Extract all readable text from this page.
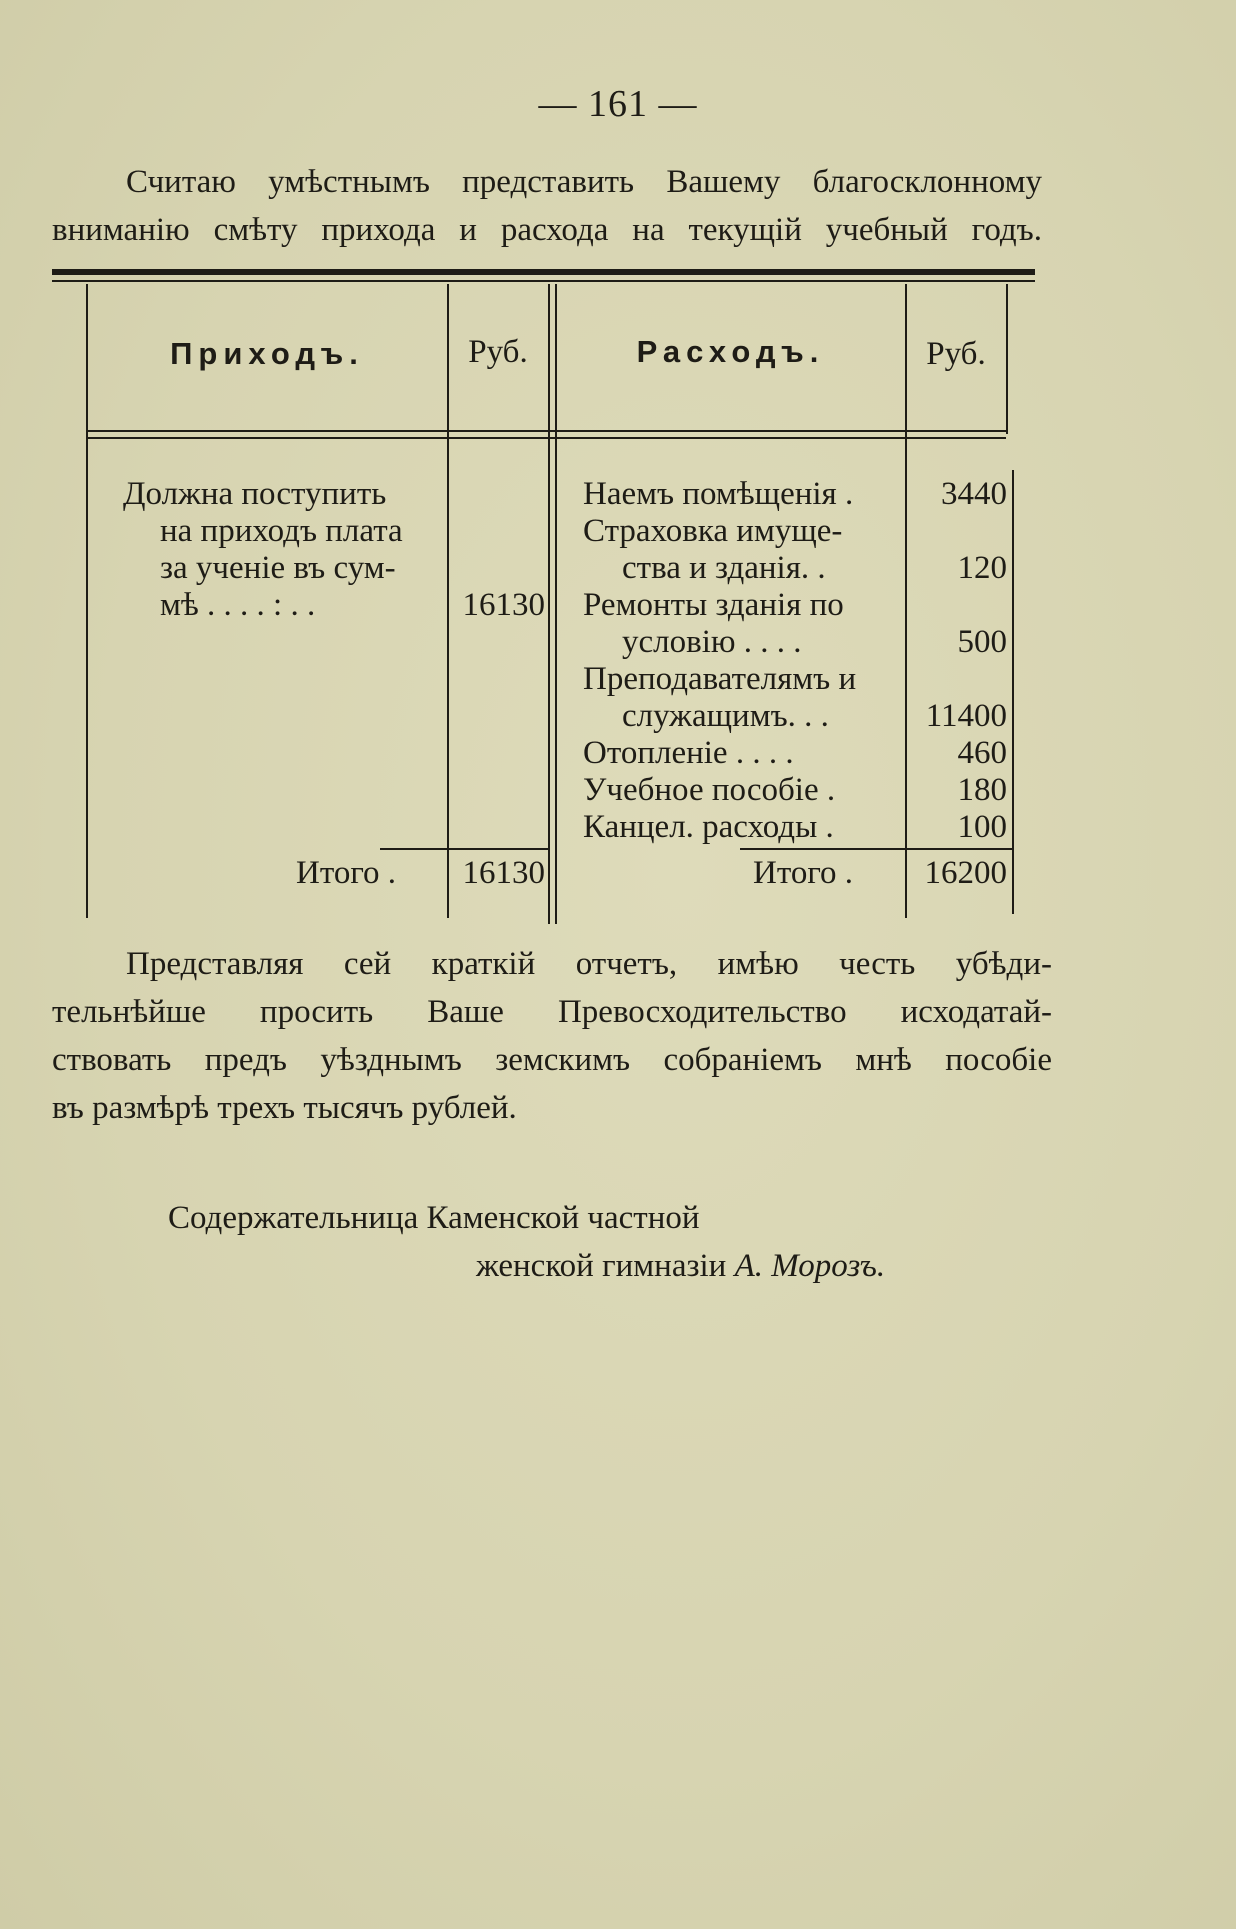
— 161 —
Считаю умѣстнымъ представить Вашему благосклонному
вниманію смѣту прихода и расхода на текущій учебный годъ.
Приходъ.	Руб.	Расходъ.	Руб.
Должна поступить
на приходъ плата
за ученіе въ сум-
мѣ . . . . : . .	16130
Итого .	16130
Наемъ помѣщенія .	3440
Страховка имуще-
ства и зданія. .	120
Ремонты зданія по
условію . . . .	500
Преподавателямъ и
служащимъ. . .	11400
Отопленіе . . . .	460
Учебное пособіе .	180
Канцел. расходы .	100
Итого .	16200
Представляя сей краткій отчетъ, имѣю честь убѣди-
тельнѣйше просить Ваше Превосходительство исходатай-
ствовать предъ уѣзднымъ земскимъ собраніемъ мнѣ пособіе
въ размѣрѣ трехъ тысячъ рублей.
Содержательница Каменской частной
женской гимназіи А. Морозъ.
